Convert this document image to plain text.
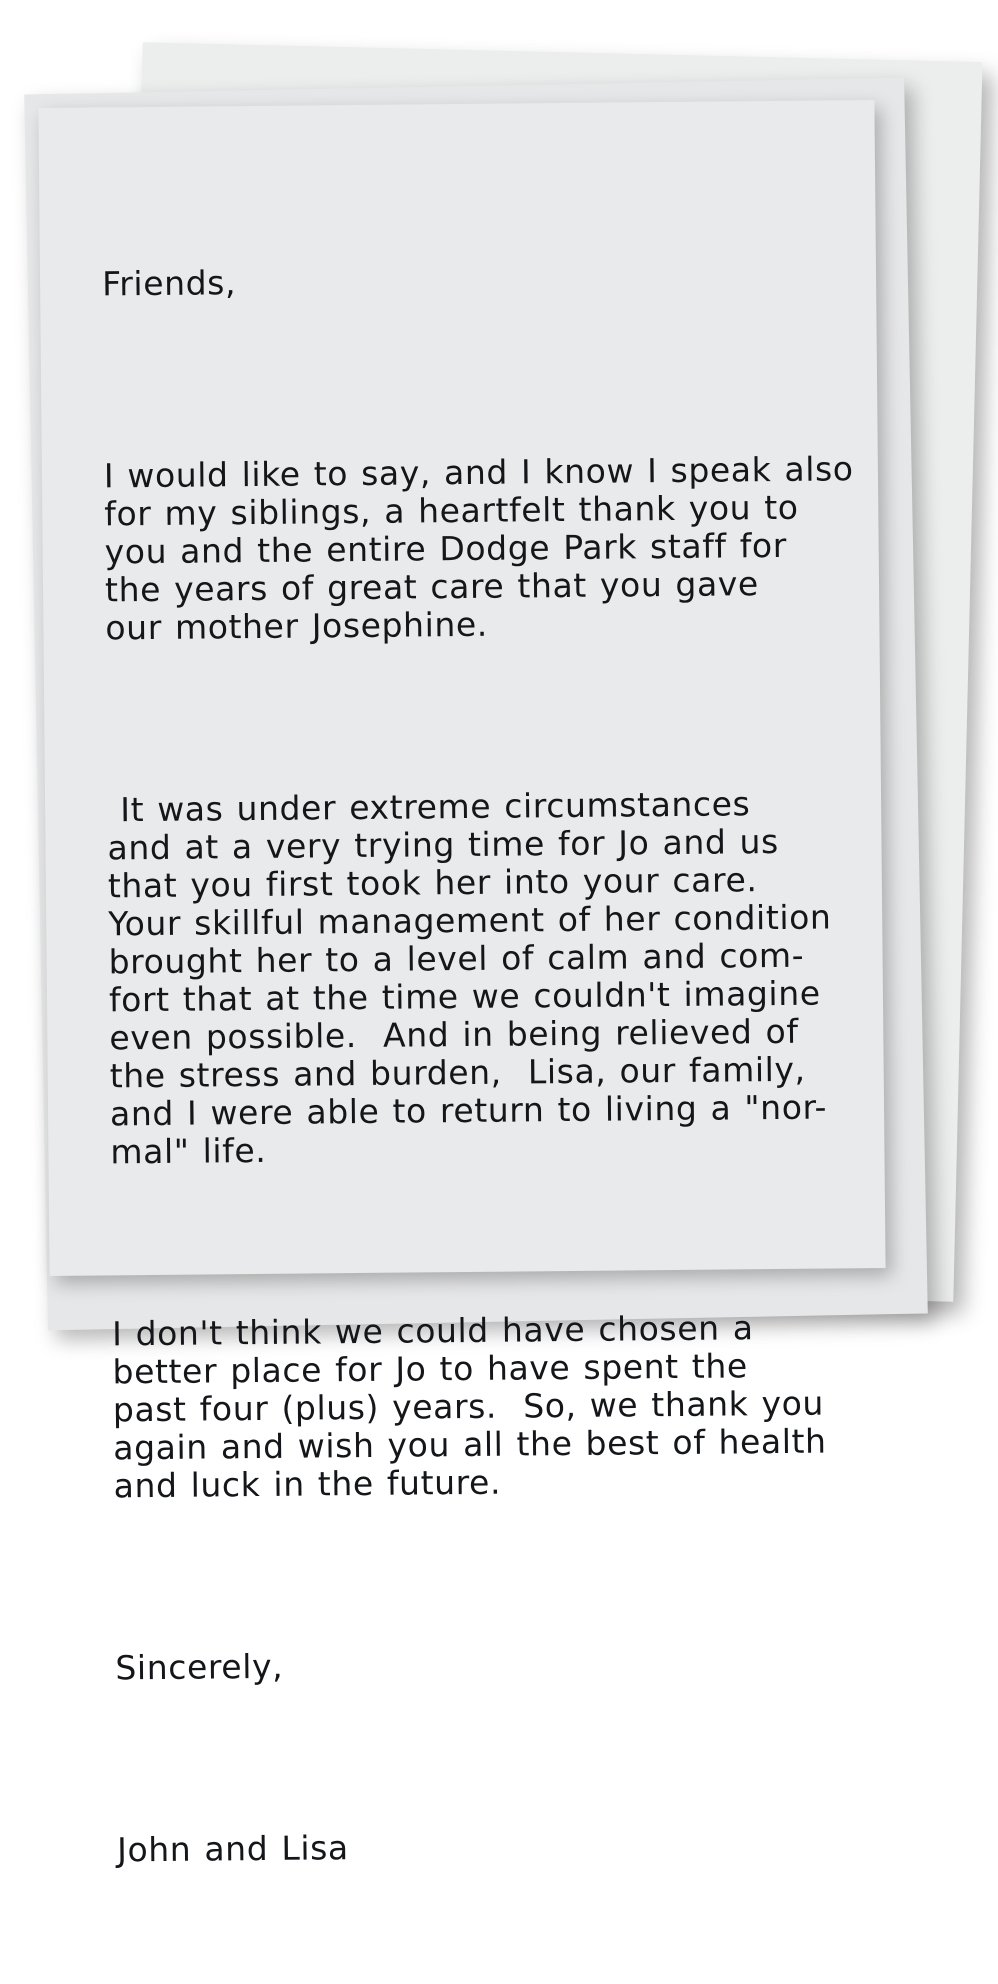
Friends,

I would like to say, and I know I speak also
for my siblings, a heartfelt thank you to
you and the entire Dodge Park staff for
the years of great care that you gave
our mother Josephine.

It was under extreme circumstances
and at a very trying time for Jo and us
that you first took her into your care.
Your skillful management of her condition
brought her to a level of calm and com-
fort that at the time we couldn't imagine
even possible.  And in being relieved of
the stress and burden,  Lisa, our family,
and I were able to return to living a "nor-
mal" life.

I don't think we could have chosen a
better place for Jo to have spent the
past four (plus) years.  So, we thank you
again and wish you all the best of health
and luck in the future.

Sincerely,

John and Lisa
